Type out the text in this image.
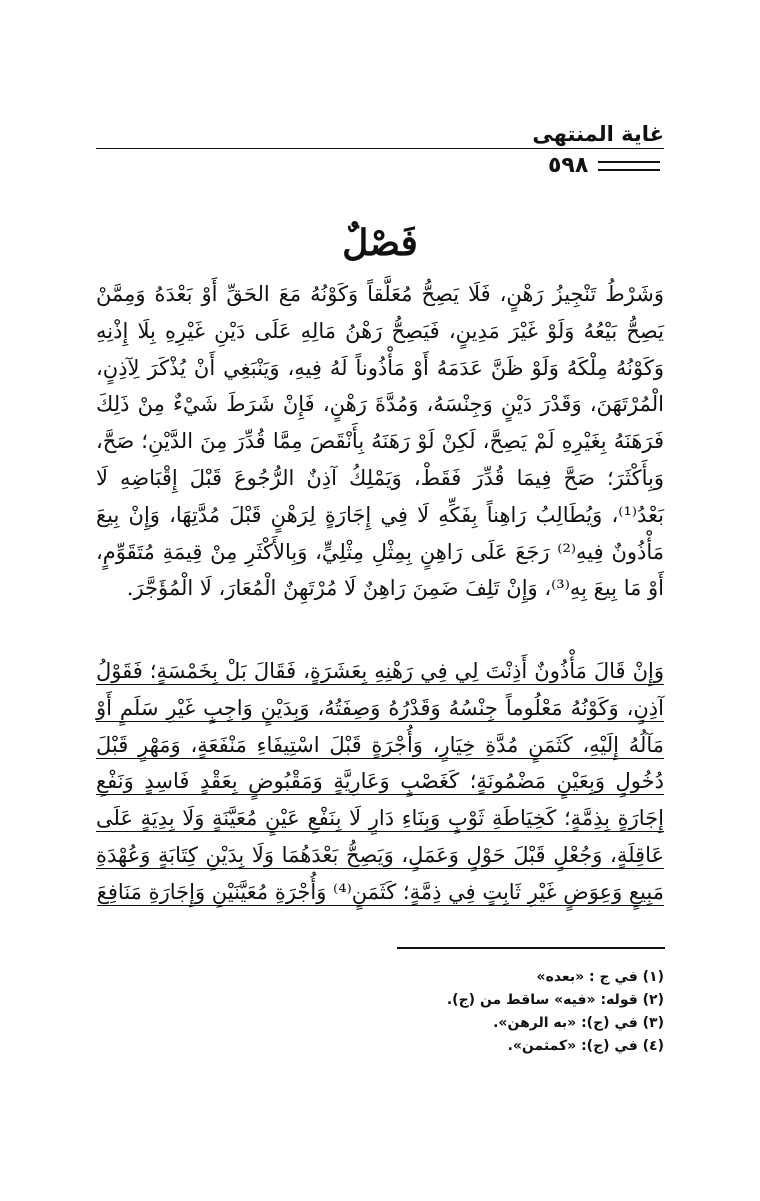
غاية المنتهى
٥٩٨
فَصْلٌ

وَشَرْطُ تَنْجِيزُ رَهْنٍ، فَلَا يَصِحُّ مُعَلَّقاً وَكَوْنُهُ مَعَ الحَقِّ أَوْ بَعْدَهُ وَمِمَّنْ يَصِحُّ بَيْعُهُ وَلَوْ غَيْرَ مَدِينٍ، فَيَصِحُّ رَهْنُ مَالِهِ عَلَى دَيْنِ غَيْرِهِ بِلَا إِذْنِهِ وَكَوْنُهُ مِلْكَهُ وَلَوْ ظَنَّ عَدَمَهُ أَوْ مَأْذُوناً لَهُ فِيهِ، وَيَنْبَغِي أَنْ يُذْكَرَ لِآذِنٍ، الْمُرْتَهَنَ، وَقَدْرَ دَيْنٍ وَجِنْسَهُ، وَمُدَّةَ رَهْنٍ، فَإِنْ شَرَطَ شَيْءٌ مِنْ ذَلِكَ فَرَهَنَهُ بِغَيْرِهِ لَمْ يَصِحَّ، لَكِنْ لَوْ رَهَنَهُ بِأَنْقَصَ مِمَّا قُدِّرَ مِنَ الدَّيْنِ؛ صَحَّ، وَبِأَكْثَرَ؛ صَحَّ فِيمَا قُدِّرَ فَقَطْ، وَيَمْلِكُ آذِنٌ الرُّجُوعَ قَبْلَ إِقْبَاضِهِ لَا بَعْدُ⁽¹⁾، وَيُطَالِبُ رَاهِناً بِفَكِّهِ لَا فِي إِجَارَةٍ لِرَهْنٍ قَبْلَ مُدَّتِهَا، وَإِنْ بِيعَ مَأْذُونٌ فِيهِ⁽²⁾ رَجَعَ عَلَى رَاهِنٍ بِمِثْلِ مِثْلِيٍّ، وَبِالأَكْثَرِ مِنْ قِيمَةِ مُتَقَوِّمٍ، أَوْ مَا بِيعَ بِهِ⁽³⁾، وَإِنْ تَلِفَ ضَمِنَ رَاهِنٌ لَا مُرْتَهِنٌ الْمُعَارَ، لَا الْمُؤَجَّرَ.

وَإِنْ قَالَ مَأْذُونٌ أَذِنْتَ لِي فِي رَهْنِهِ بِعَشَرَةٍ، فَقَالَ بَلْ بِخَمْسَةٍ؛ فَقَوْلُ آذِنٍ، وَكَوْنُهُ مَعْلُوماً جِنْسُهُ وَقَدْرُهُ وَصِفَتُهُ، وَبِدَيْنٍ وَاجِبٍ غَيْرِ سَلَمٍ أَوْ مَآلُهُ إِلَيْهِ، كَثَمَنٍ مُدَّةِ خِيَارٍ، وَأُجْرَةٍ قَبْلَ اسْتِيفَاءِ مَنْفَعَةٍ، وَمَهْرٍ قَبْلَ دُخُولٍ وَبِعَيْنٍ مَضْمُونَةٍ؛ كَغَصْبٍ وَعَارِيَّةٍ وَمَقْبُوضٍ بِعَقْدٍ فَاسِدٍ وَنَفْعِ إِجَارَةٍ بِذِمَّةٍ؛ كَخِيَاطَةِ ثَوْبٍ وَبِنَاءِ دَارٍ لَا بِنَفْعِ عَيْنٍ مُعَيَّنَةٍ وَلَا بِدِيَةٍ عَلَى عَاقِلَةٍ، وَجُعْلٍ قَبْلَ حَوْلٍ وَعَمَلٍ، وَيَصِحُّ بَعْدَهُمَا وَلَا بِدَيْنِ كِتَابَةٍ وَعُهْدَةِ مَبِيعٍ وَعِوَضٍ غَيْرِ ثَابِتٍ فِي ذِمَّةٍ؛ كَثَمَنٍ⁽⁴⁾ وَأُجْرَةِ مُعَيَّنَيْنِ وَإِجَارَةِ مَنَافِعَ

(١) في ج : «بعده»
(٢) قوله: «فيه» ساقط من (ج).
(٣) في (ج): «به الرهن».
(٤) في (ج): «كمثمن».
